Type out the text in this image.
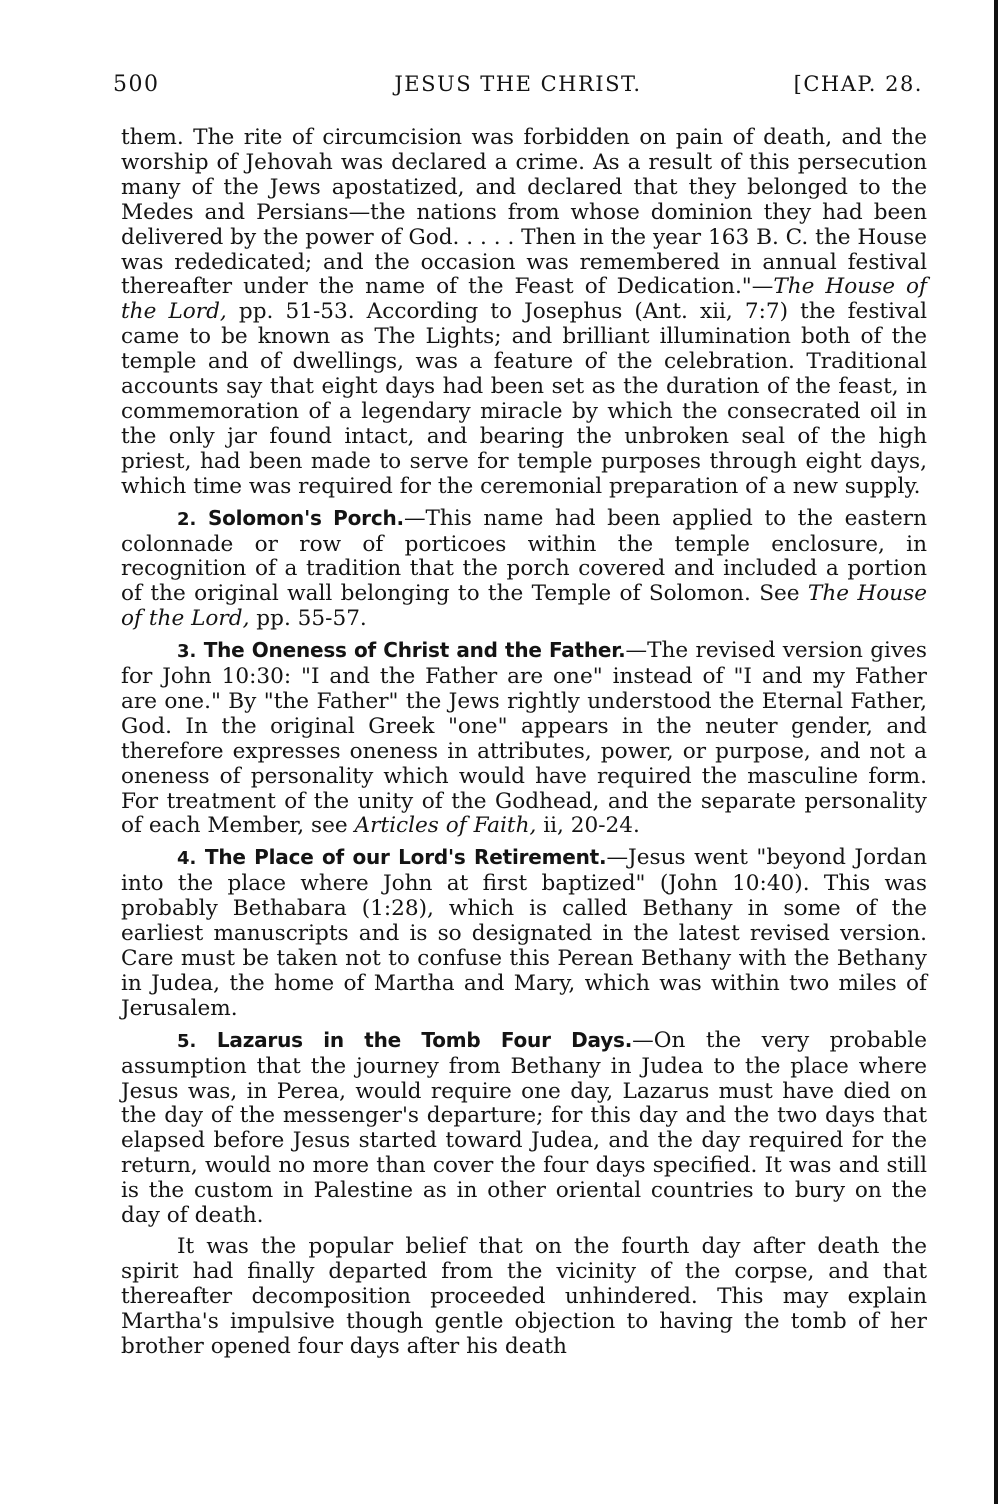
500	JESUS THE CHRIST.	[CHAP. 28.

them. The rite of circumcision was forbidden on pain of death, and the worship of Jehovah was declared a crime. As a result of this persecution many of the Jews apostatized, and declared that they belonged to the Medes and Persians—the nations from whose dominion they had been delivered by the power of God. . . . . Then in the year 163 B. C. the House was rededicated; and the occasion was remembered in annual festival thereafter under the name of the Feast of Dedication."—The House of the Lord, pp. 51-53. According to Josephus (Ant. xii, 7:7) the festival came to be known as The Lights; and brilliant illumination both of the temple and of dwellings, was a feature of the celebration. Traditional accounts say that eight days had been set as the duration of the feast, in commemoration of a legendary miracle by which the consecrated oil in the only jar found intact, and bearing the unbroken seal of the high priest, had been made to serve for temple purposes through eight days, which time was required for the ceremonial preparation of a new supply.

2. Solomon's Porch.—This name had been applied to the eastern colonnade or row of porticoes within the temple enclosure, in recognition of a tradition that the porch covered and included a portion of the original wall belonging to the Temple of Solomon. See The House of the Lord, pp. 55-57.

3. The Oneness of Christ and the Father.—The revised version gives for John 10:30: "I and the Father are one" instead of "I and my Father are one." By "the Father" the Jews rightly understood the Eternal Father, God. In the original Greek "one" appears in the neuter gender, and therefore expresses oneness in attributes, power, or purpose, and not a oneness of personality which would have required the masculine form. For treatment of the unity of the Godhead, and the separate personality of each Member, see Articles of Faith, ii, 20-24.

4. The Place of our Lord's Retirement.—Jesus went "beyond Jordan into the place where John at first baptized" (John 10:40). This was probably Bethabara (1:28), which is called Bethany in some of the earliest manuscripts and is so designated in the latest revised version. Care must be taken not to confuse this Perean Bethany with the Bethany in Judea, the home of Martha and Mary, which was within two miles of Jerusalem.

5. Lazarus in the Tomb Four Days.—On the very probable assumption that the journey from Bethany in Judea to the place where Jesus was, in Perea, would require one day, Lazarus must have died on the day of the messenger's departure; for this day and the two days that elapsed before Jesus started toward Judea, and the day required for the return, would no more than cover the four days specified. It was and still is the custom in Palestine as in other oriental countries to bury on the day of death.

It was the popular belief that on the fourth day after death the spirit had finally departed from the vicinity of the corpse, and that thereafter decomposition proceeded unhindered. This may explain Martha's impulsive though gentle objection to having the tomb of her brother opened four days after his death
